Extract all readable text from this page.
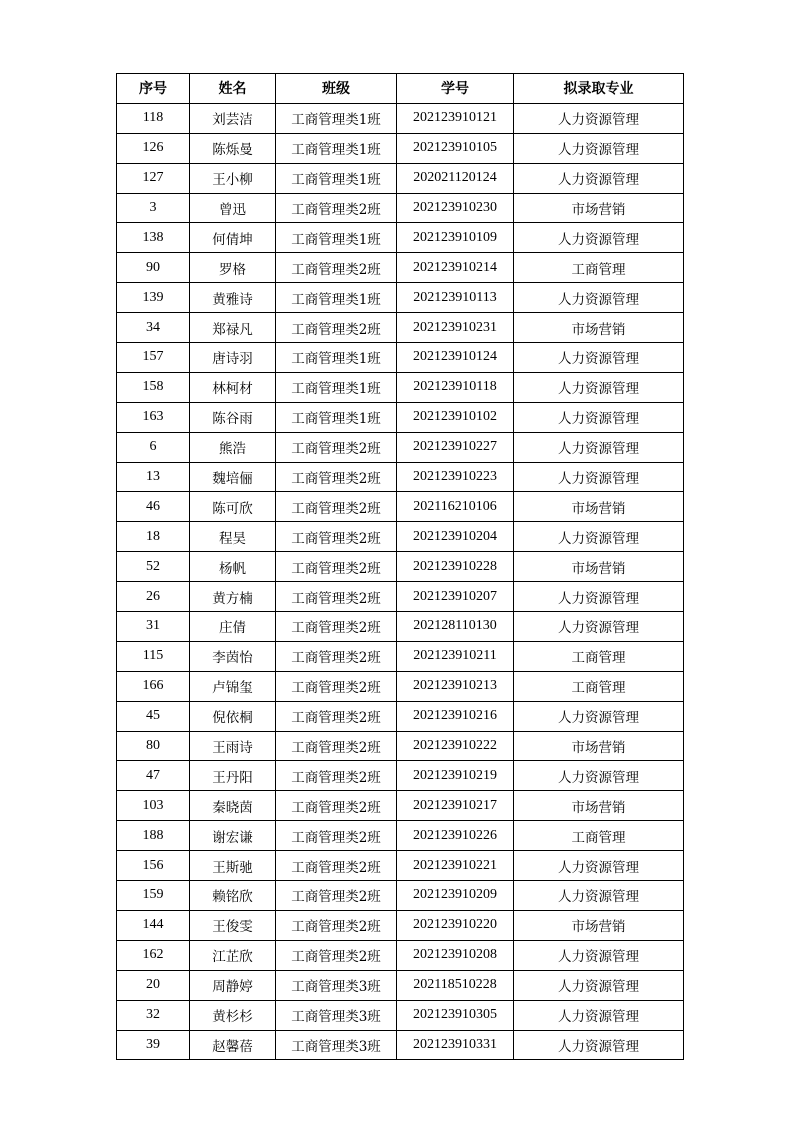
序号	姓名	班级	学号	拟录取专业
118	刘芸洁	工商管理类1班	202123910121	人力资源管理
126	陈烁曼	工商管理类1班	202123910105	人力资源管理
127	王小柳	工商管理类1班	202021120124	人力资源管理
3	曾迅	工商管理类2班	202123910230	市场营销
138	何倩坤	工商管理类1班	202123910109	人力资源管理
90	罗格	工商管理类2班	202123910214	工商管理
139	黄雅诗	工商管理类1班	202123910113	人力资源管理
34	郑禄凡	工商管理类2班	202123910231	市场营销
157	唐诗羽	工商管理类1班	202123910124	人力资源管理
158	林柯材	工商管理类1班	202123910118	人力资源管理
163	陈谷雨	工商管理类1班	202123910102	人力资源管理
6	熊浩	工商管理类2班	202123910227	人力资源管理
13	魏培俪	工商管理类2班	202123910223	人力资源管理
46	陈可欣	工商管理类2班	202116210106	市场营销
18	程昊	工商管理类2班	202123910204	人力资源管理
52	杨帆	工商管理类2班	202123910228	市场营销
26	黄方楠	工商管理类2班	202123910207	人力资源管理
31	庄倩	工商管理类2班	202128110130	人力资源管理
115	李茵怡	工商管理类2班	202123910211	工商管理
166	卢锦玺	工商管理类2班	202123910213	工商管理
45	倪依桐	工商管理类2班	202123910216	人力资源管理
80	王雨诗	工商管理类2班	202123910222	市场营销
47	王丹阳	工商管理类2班	202123910219	人力资源管理
103	秦晓茵	工商管理类2班	202123910217	市场营销
188	谢宏谦	工商管理类2班	202123910226	工商管理
156	王斯驰	工商管理类2班	202123910221	人力资源管理
159	赖铭欣	工商管理类2班	202123910209	人力资源管理
144	王俊雯	工商管理类2班	202123910220	市场营销
162	江芷欣	工商管理类2班	202123910208	人力资源管理
20	周静婷	工商管理类3班	202118510228	人力资源管理
32	黄杉杉	工商管理类3班	202123910305	人力资源管理
39	赵馨蓓	工商管理类3班	202123910331	人力资源管理
